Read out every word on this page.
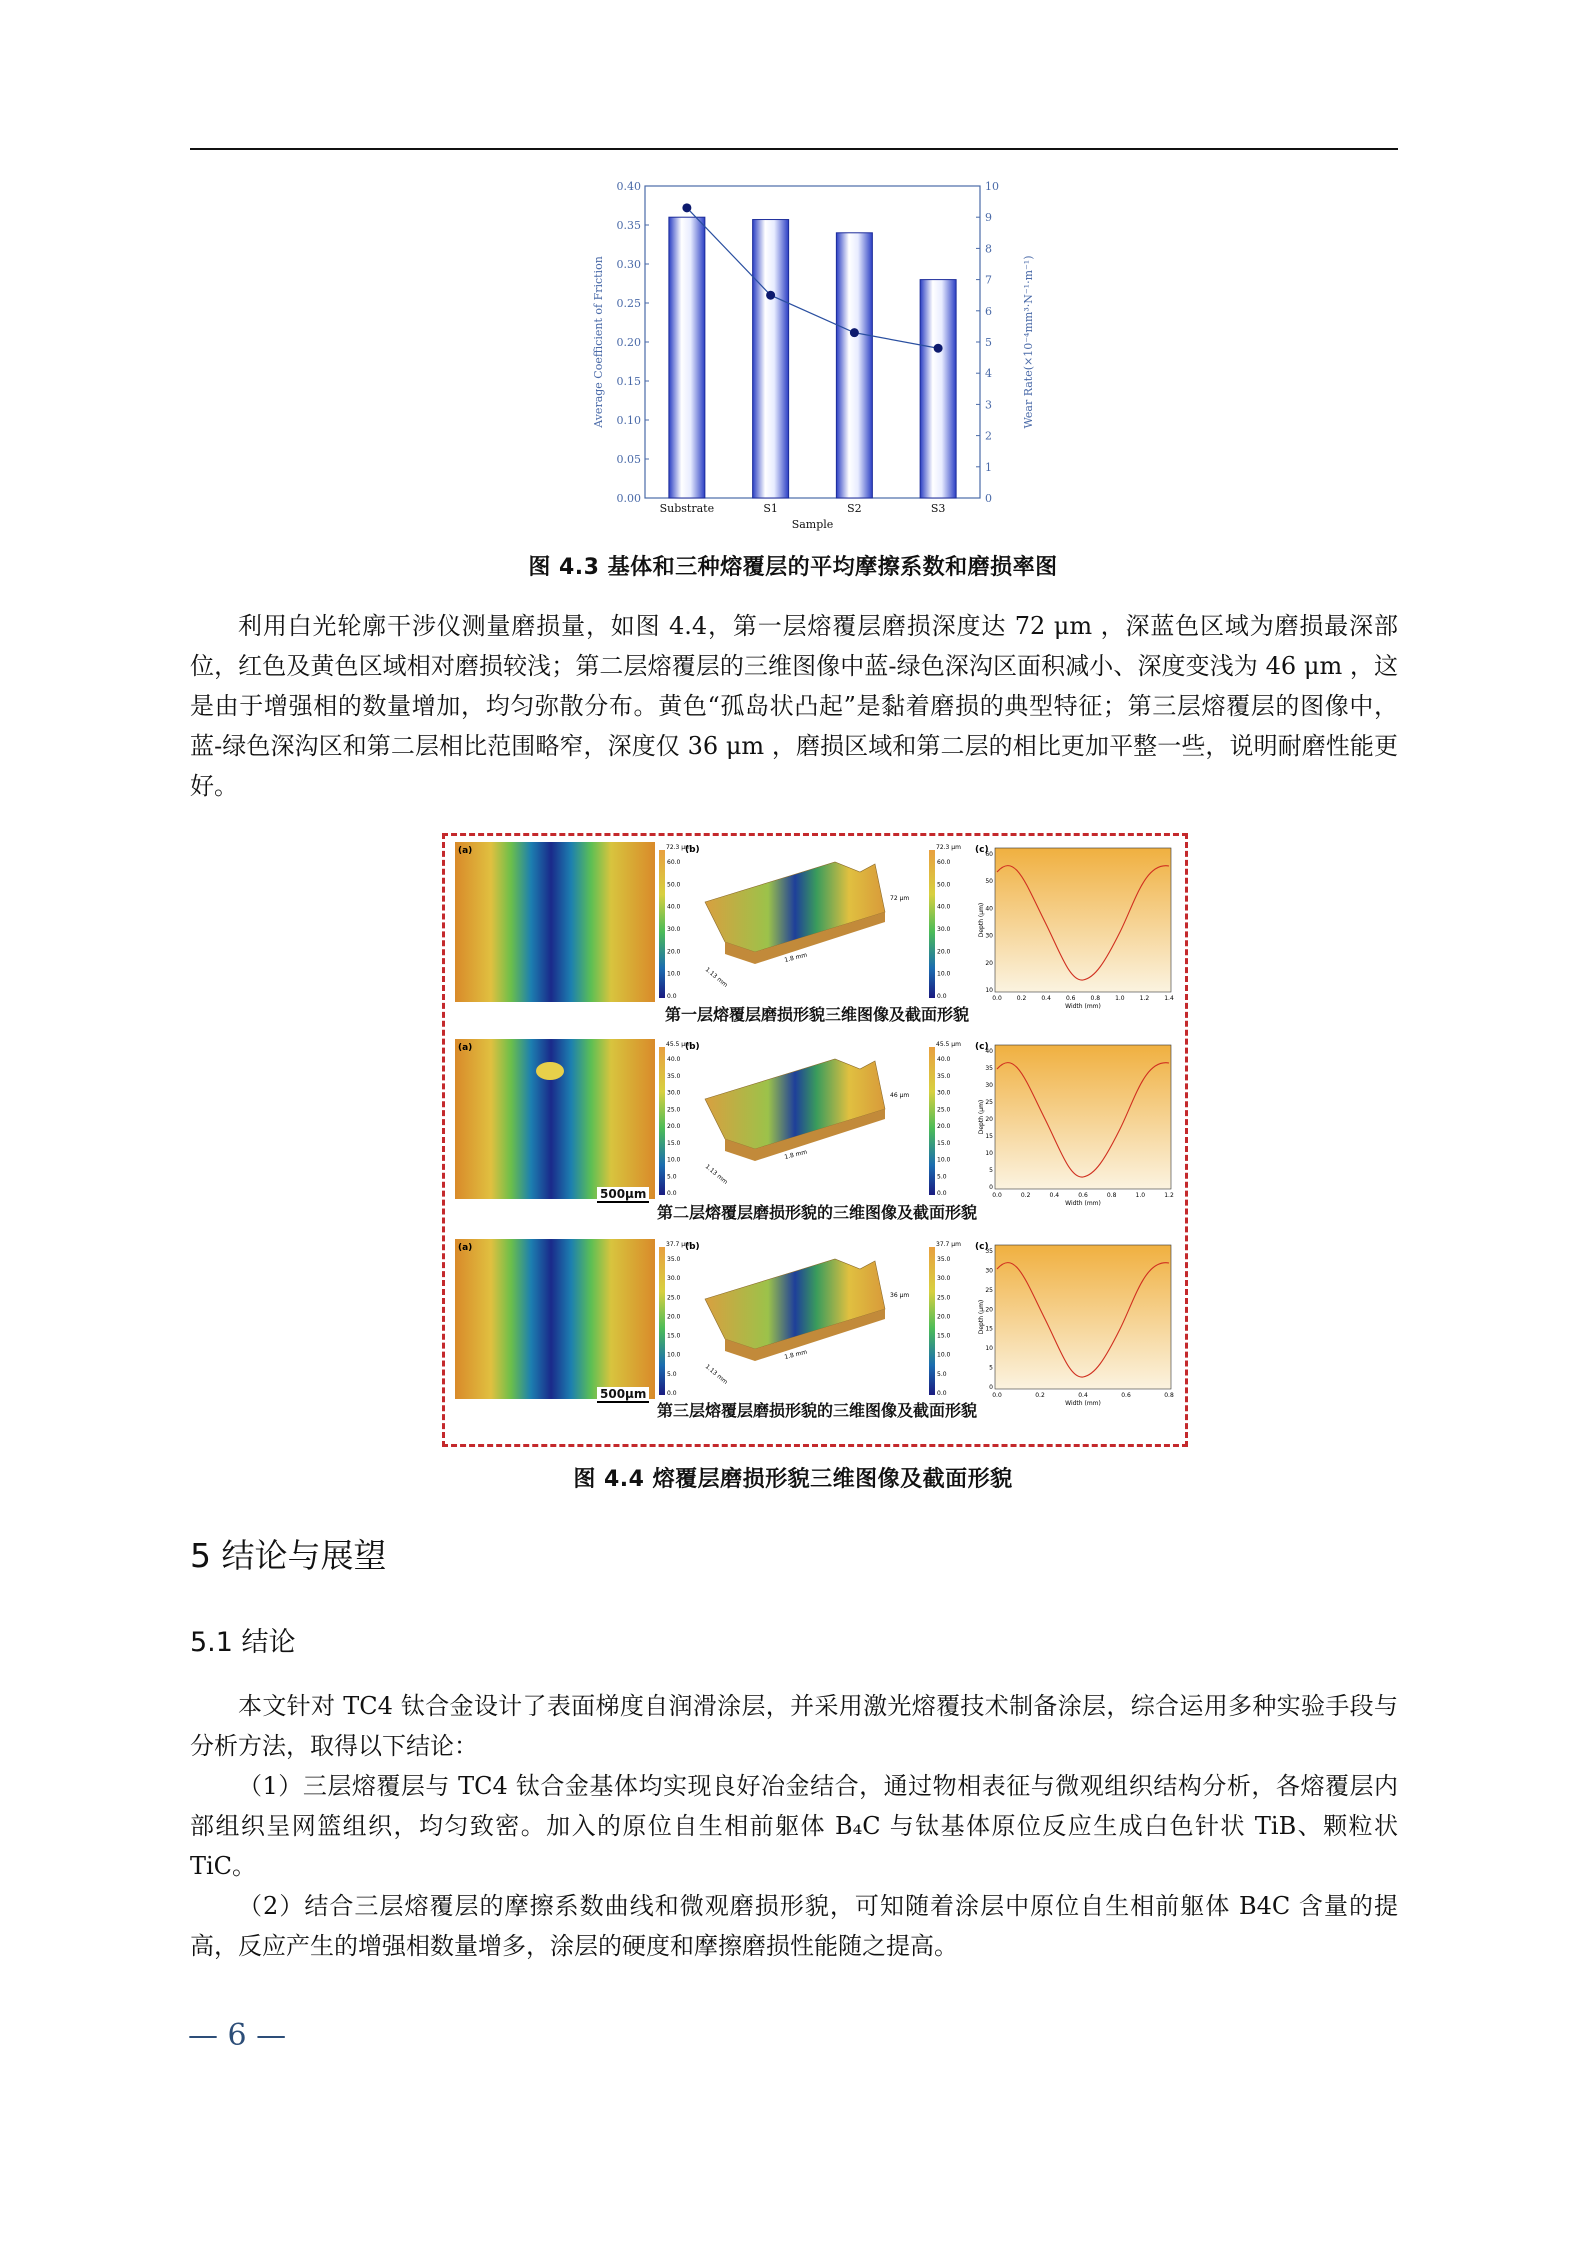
0.00
0.05
0.10
0.15
0.20
0.25
0.30
0.35
0.40
0
1
2
3
4
5
6
7
8
9
10
Substrate	S1	S2	S3
Sample
Average Coefficient of Friction	Wear Rate(×10⁻⁴mm³·N⁻¹·m⁻¹)
图 4.3 基体和三种熔覆层的平均摩擦系数和磨损率图

利用白光轮廓干涉仪测量磨损量，如图 4.4，第一层熔覆层磨损深度达 72 μm ，深蓝色区域为磨损最深部位，红色及黄色区域相对磨损较浅；第二层熔覆层的三维图像中蓝-绿色深沟区面积减小、深度变浅为 46 μm ，这是由于增强相的数量增加，均匀弥散分布。黄色“孤岛状凸起”是黏着磨损的典型特征；第三层熔覆层的图像中，蓝-绿色深沟区和第二层相比范围略窄，深度仅 36 μm ，磨损区域和第二层的相比更加平整一些，说明耐磨性能更好。

(a)	72.3 μm
60.0
50.0
40.0
30.0
20.0
10.0
0.0
(b)
1.13 mm
1.8 mm
72 μm
72.3 μm
60.0
50.0
40.0
30.0
20.0
10.0
0.0
(c)
0.0	0.2	0.4	0.6	0.8	1.0	1.2	1.4
60
50
40
30
20
10
Width (mm)
Depth (μm)
第一层熔覆层磨损形貌三维图像及截面形貌
(a)
500μm
45.5 μm
40.0
35.0
30.0
25.0
20.0
15.0
10.0
5.0
0.0
(b)
1.13 mm
1.8 mm
46 μm
45.5 μm
40.0
35.0
30.0
25.0
20.0
15.0
10.0
5.0
0.0
(c)
0.0	0.2	0.4	0.6	0.8	1.0	1.2
40
35
30
25
20
15
10
5
0
Width (mm)
Depth (μm)
第二层熔覆层磨损形貌的三维图像及截面形貌
(a)
500μm
37.7 μm
35.0
30.0
25.0
20.0
15.0
10.0
5.0
0.0
(b)
1.13 mm
1.8 mm
36 μm
37.7 μm
35.0
30.0
25.0
20.0
15.0
10.0
5.0
0.0
(c)
0.0	0.2	0.4	0.6	0.8
35
30
25
20
15
10
5
0
Width (mm)
Depth (μm)
第三层熔覆层磨损形貌的三维图像及截面形貌
图 4.4 熔覆层磨损形貌三维图像及截面形貌
5 结论与展望
5.1 结论

本文针对 TC4 钛合金设计了表面梯度自润滑涂层，并采用激光熔覆技术制备涂层，综合运用多种实验手段与分析方法，取得以下结论：

（1）三层熔覆层与 TC4 钛合金基体均实现良好冶金结合，通过物相表征与微观组织结构分析，各熔覆层内部组织呈网篮组织，均匀致密。加入的原位自生相前躯体 B₄C 与钛基体原位反应生成白色针状 TiB、颗粒状 TiC。

（2）结合三层熔覆层的摩擦系数曲线和微观磨损形貌，可知随着涂层中原位自生相前躯体 B4C 含量的提高，反应产生的增强相数量增多，涂层的硬度和摩擦磨损性能随之提高。

— 6 —
